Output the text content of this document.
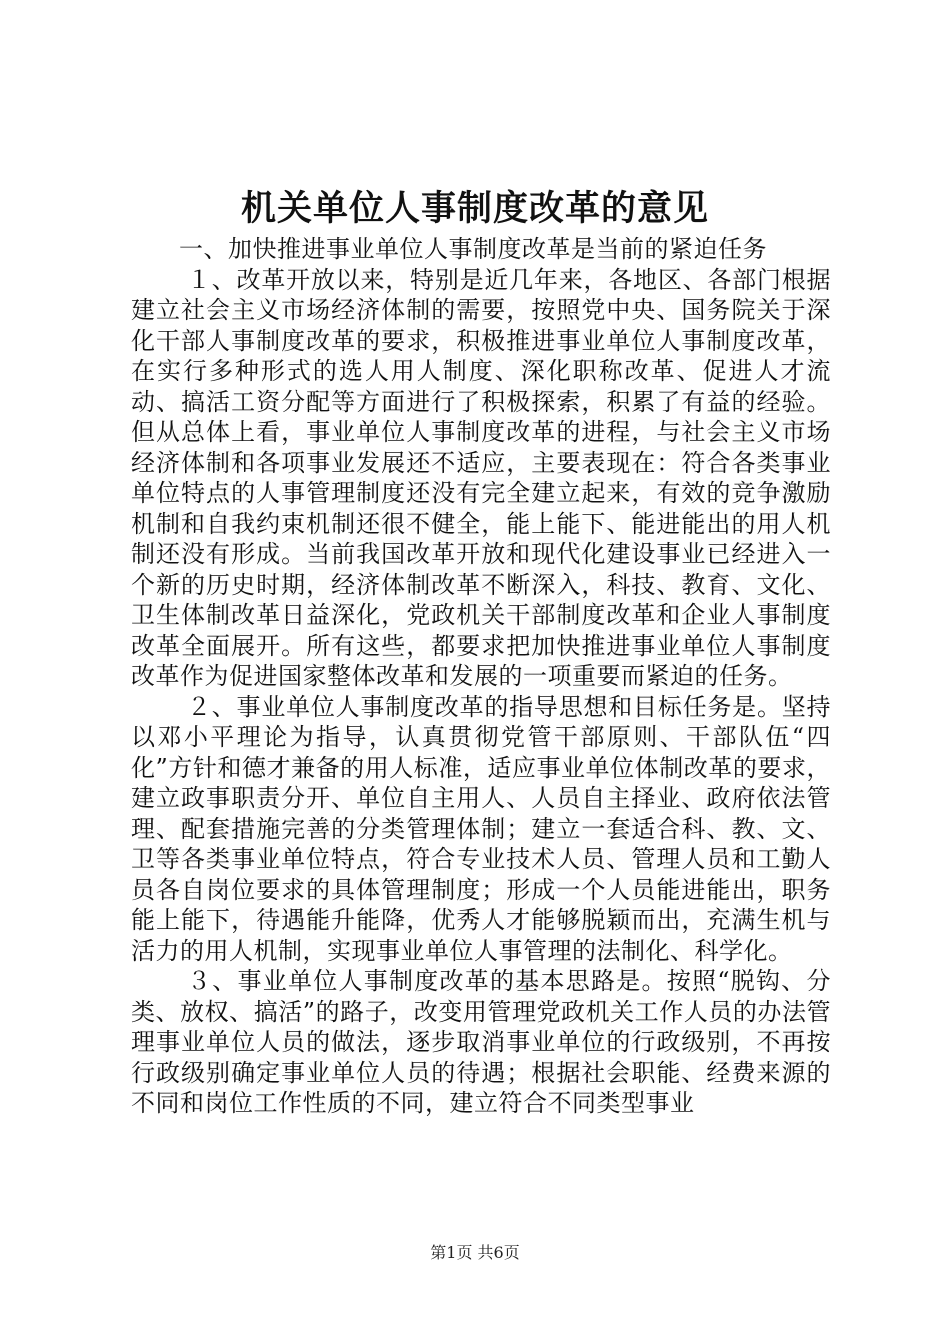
机关单位人事制度改革的意见

一、加快推进事业单位人事制度改革是当前的紧迫任务

１、改革开放以来，特别是近几年来，各地区、各部门根据建立社会主义市场经济体制的需要，按照党中央、国务院关于深化干部人事制度改革的要求，积极推进事业单位人事制度改革，在实行多种形式的选人用人制度、深化职称改革、促进人才流动、搞活工资分配等方面进行了积极探索，积累了有益的经验。但从总体上看，事业单位人事制度改革的进程，与社会主义市场经济体制和各项事业发展还不适应，主要表现在：符合各类事业单位特点的人事管理制度还没有完全建立起来，有效的竞争激励机制和自我约束机制还很不健全，能上能下、能进能出的用人机制还没有形成。当前我国改革开放和现代化建设事业已经进入一个新的历史时期，经济体制改革不断深入，科技、教育、文化、卫生体制改革日益深化，党政机关干部制度改革和企业人事制度改革全面展开。所有这些，都要求把加快推进事业单位人事制度改革作为促进国家整体改革和发展的一项重要而紧迫的任务。

２、事业单位人事制度改革的指导思想和目标任务是。坚持以邓小平理论为指导，认真贯彻党管干部原则、干部队伍“四化”方针和德才兼备的用人标准，适应事业单位体制改革的要求，建立政事职责分开、单位自主用人、人员自主择业、政府依法管理、配套措施完善的分类管理体制；建立一套适合科、教、文、卫等各类事业单位特点，符合专业技术人员、管理人员和工勤人员各自岗位要求的具体管理制度；形成一个人员能进能出，职务能上能下，待遇能升能降，优秀人才能够脱颖而出，充满生机与活力的用人机制，实现事业单位人事管理的法制化、科学化。

３、事业单位人事制度改革的基本思路是。按照“脱钩、分类、放权、搞活”的路子，改变用管理党政机关工作人员的办法管理事业单位人员的做法，逐步取消事业单位的行政级别，不再按行政级别确定事业单位人员的待遇；根据社会职能、经费来源的不同和岗位工作性质的不同，建立符合不同类型事业

第1页 共6页
